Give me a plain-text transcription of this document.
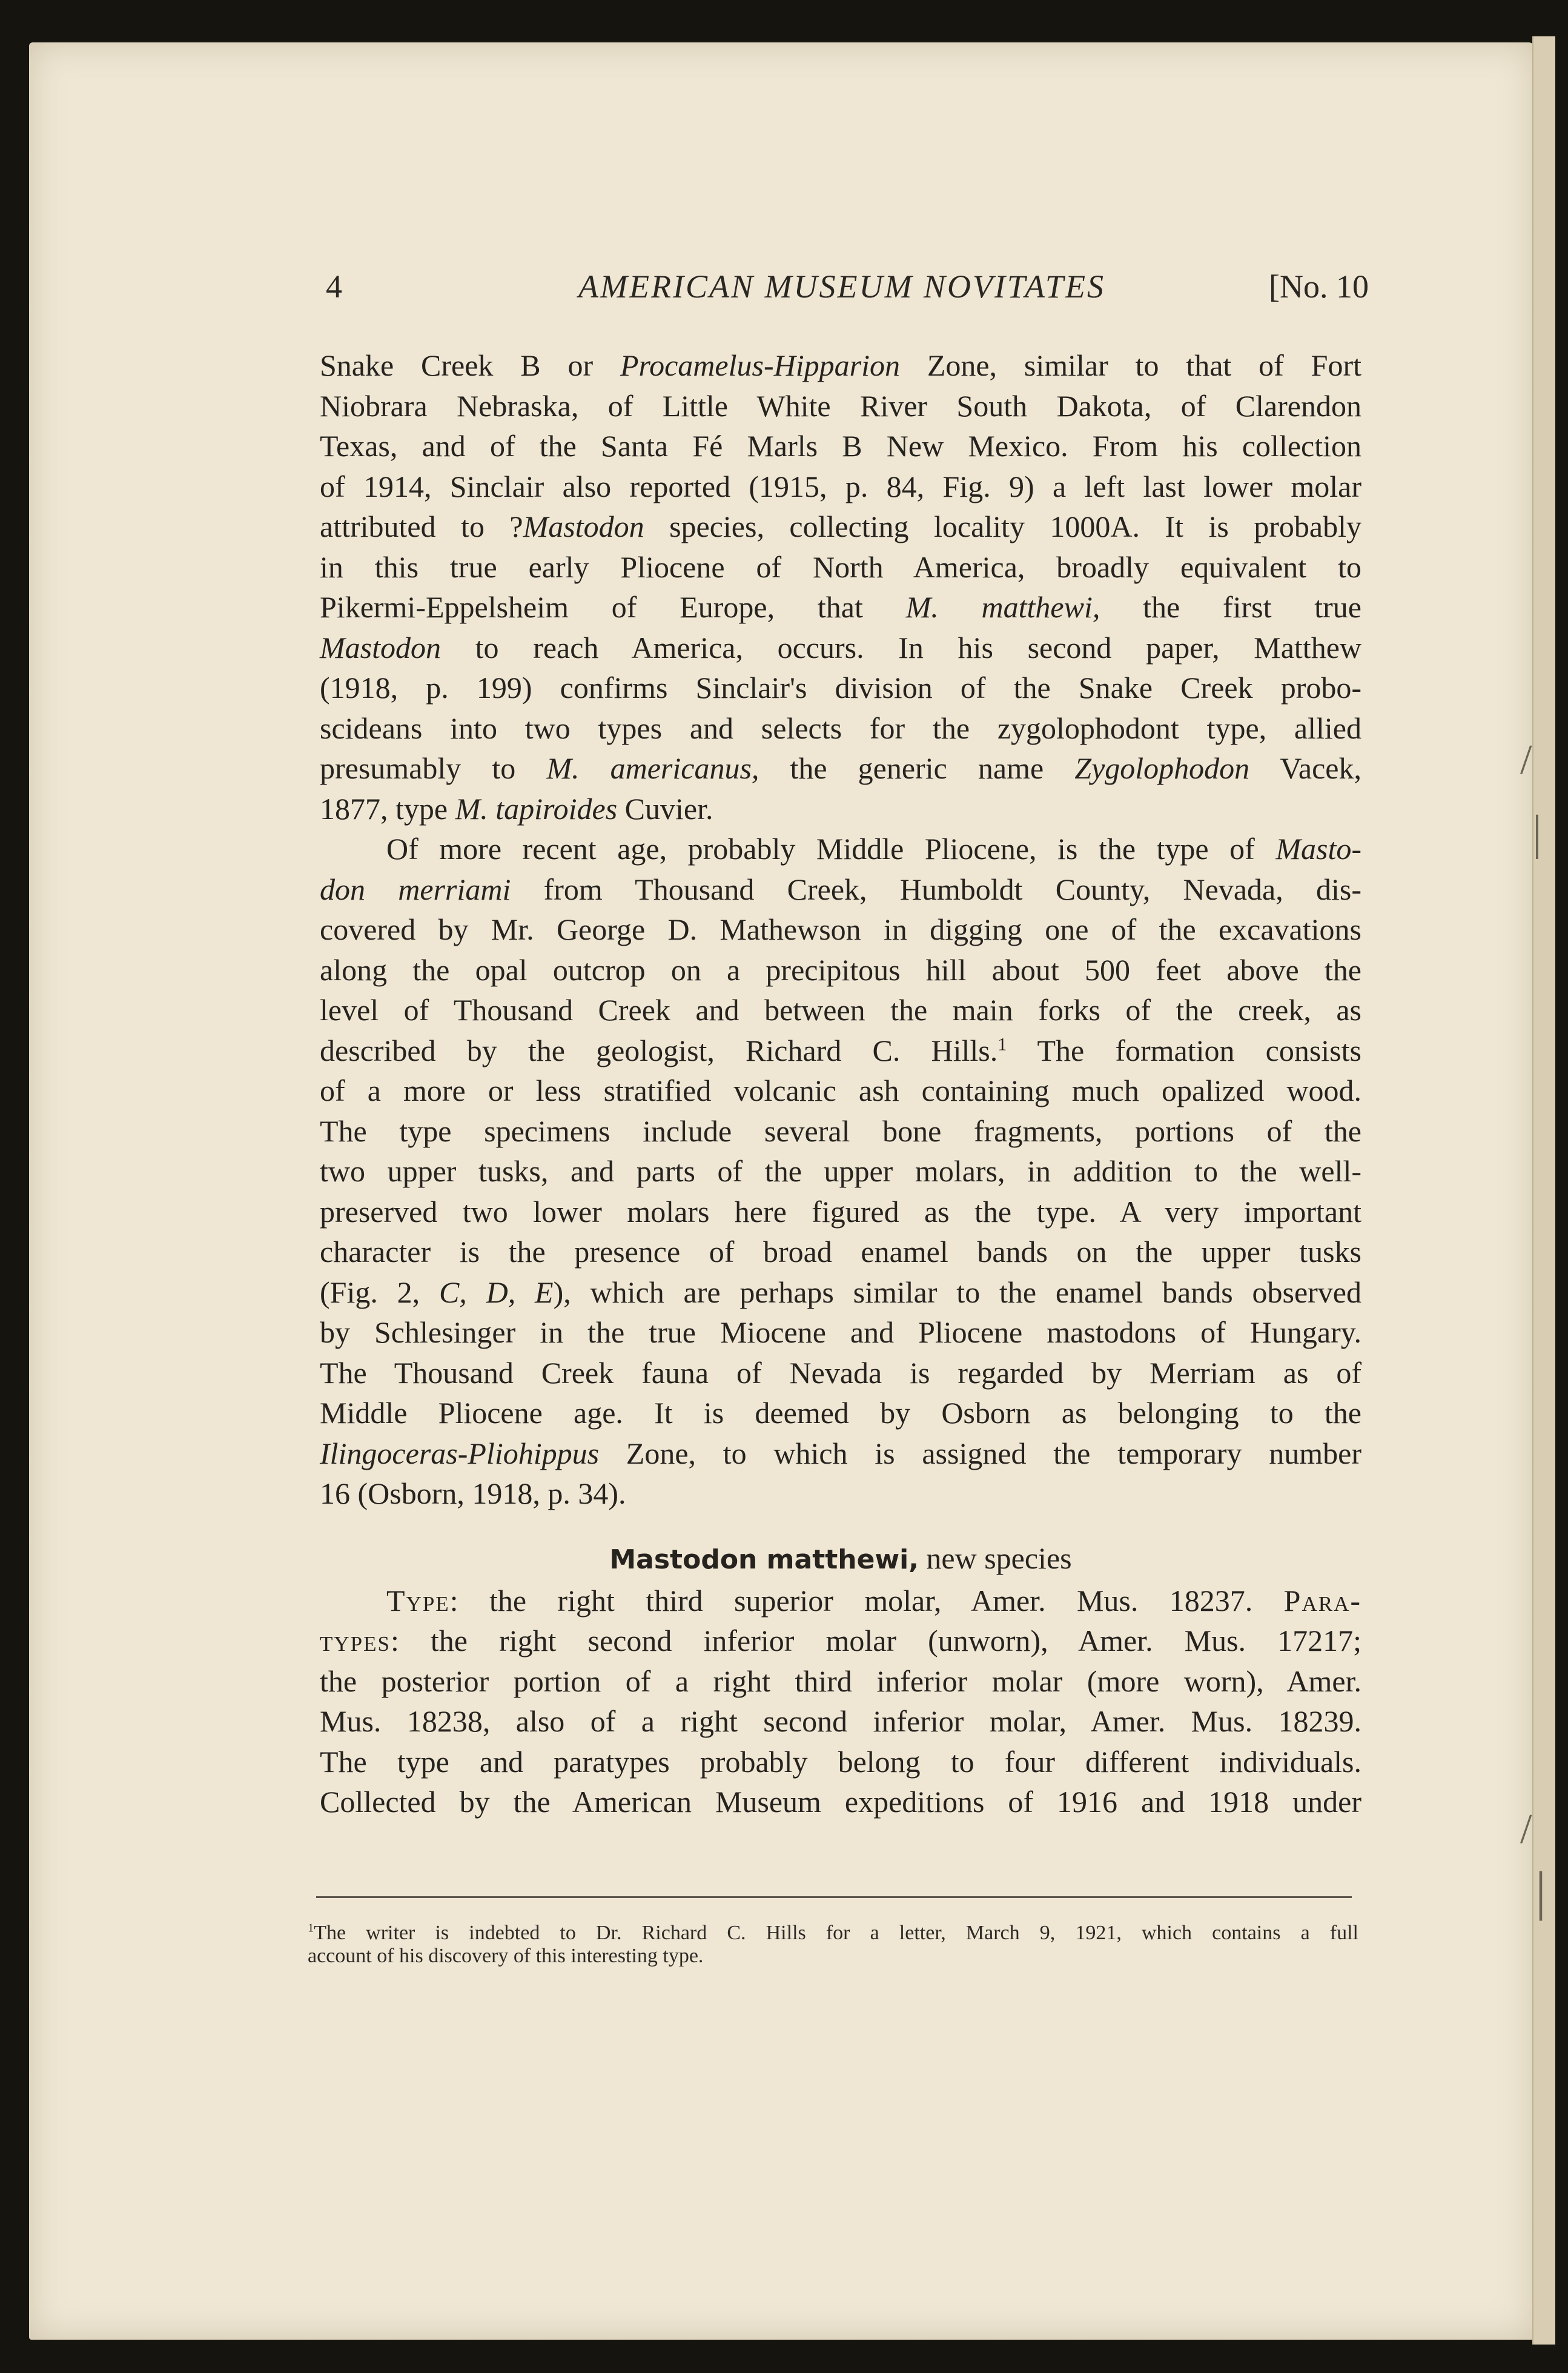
4	AMERICAN MUSEUM NOVITATES	[No. 10
Snake Creek B or Procamelus-Hipparion Zone, similar to that of Fort
Niobrara Nebraska, of Little White River South Dakota, of Clarendon
Texas, and of the Santa Fé Marls B New Mexico. From his collection
of 1914, Sinclair also reported (1915, p. 84, Fig. 9) a left last lower molar
attributed to ?Mastodon species, collecting locality 1000A. It is probably
in this true early Pliocene of North America, broadly equivalent to
Pikermi-Eppelsheim of Europe, that M. matthewi, the first true
Mastodon to reach America, occurs. In his second paper, Matthew
(1918, p. 199) confirms Sinclair's division of the Snake Creek probo-
scideans into two types and selects for the zygolophodont type, allied
presumably to M. americanus, the generic name Zygolophodon Vacek,
1877, type M. tapiroides Cuvier.
Of more recent age, probably Middle Pliocene, is the type of Masto-
don merriami from Thousand Creek, Humboldt County, Nevada, dis-
covered by Mr. George D. Mathewson in digging one of the excavations
along the opal outcrop on a precipitous hill about 500 feet above the
level of Thousand Creek and between the main forks of the creek, as
described by the geologist, Richard C. Hills.$^1$ The formation consists
of a more or less stratified volcanic ash containing much opalized wood.
The type specimens include several bone fragments, portions of the
two upper tusks, and parts of the upper molars, in addition to the well-
preserved two lower molars here figured as the type. A very important
character is the presence of broad enamel bands on the upper tusks
(Fig. 2, C, D, E), which are perhaps similar to the enamel bands observed
by Schlesinger in the true Miocene and Pliocene mastodons of Hungary.
The Thousand Creek fauna of Nevada is regarded by Merriam as of
Middle Pliocene age. It is deemed by Osborn as belonging to the
Ilingoceras-Pliohippus Zone, to which is assigned the temporary number
16 (Osborn, 1918, p. 34).
Mastodon matthewi, new species
Type: the right third superior molar, Amer. Mus. 18237. Para-
types: the right second inferior molar (unworn), Amer. Mus. 17217;
the posterior portion of a right third inferior molar (more worn), Amer.
Mus. 18238, also of a right second inferior molar, Amer. Mus. 18239.
The type and paratypes probably belong to four different individuals.
Collected by the American Museum expeditions of 1916 and 1918 under
$^1$The writer is indebted to Dr. Richard C. Hills for a letter, March 9, 1921, which contains a full
account of his discovery of this interesting type.
/
|
/
|
